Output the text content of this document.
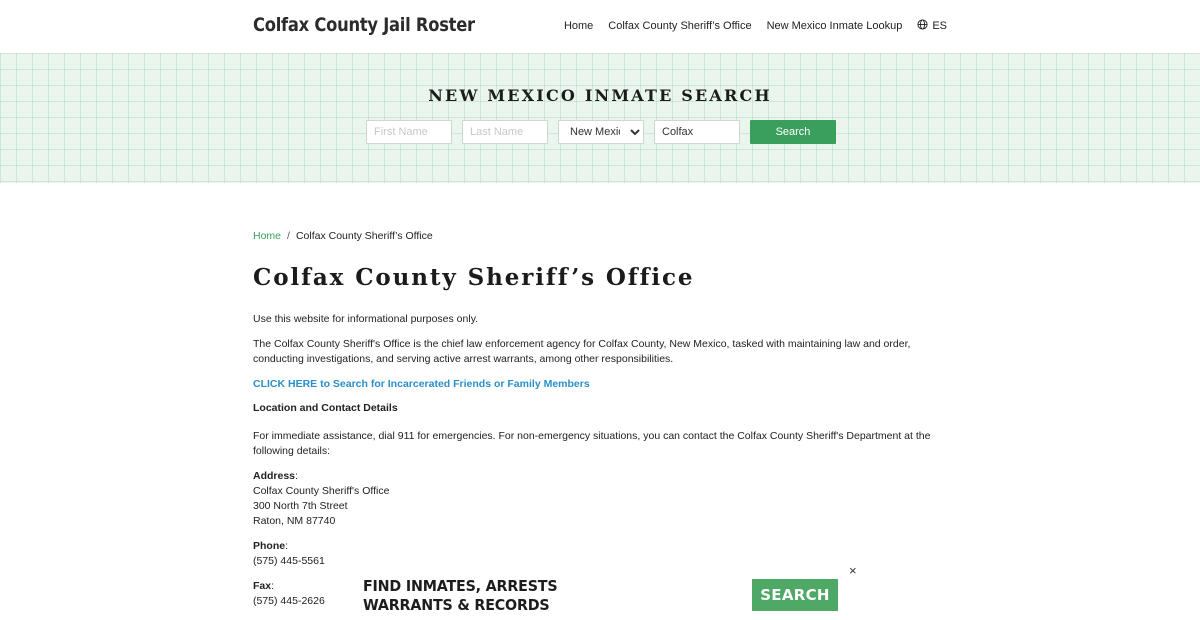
Colfax County Jail Roster	Home Colfax County Sheriff’s Office New Mexico Inmate Lookup	ES
NEW MEXICO INMATE SEARCH
First Name
Last Name
New Mexico
Colfax
Search
Home / Colfax County Sheriff’s Office
Colfax County Sheriff’s Office

Use this website for informational purposes only.

The Colfax County Sheriff's Office is the chief law enforcement agency for Colfax County, New Mexico, tasked with maintaining law and order, conducting investigations, and serving active arrest warrants, among other responsibilities.

CLICK HERE to Search for Incarcerated Friends or Family Members

Location and Contact Details

For immediate assistance, dial 911 for emergencies. For non-emergency situations, you can contact the Colfax County Sheriff's Department at the following details:

Address:
Colfax County Sheriff's Office
300 North 7th Street
Raton, NM 87740
Phone:
(575) 445-5561
Fax:
(575) 445-2626
FIND INMATES, ARRESTS
WARRANTS & RECORDS
SEARCH
×
